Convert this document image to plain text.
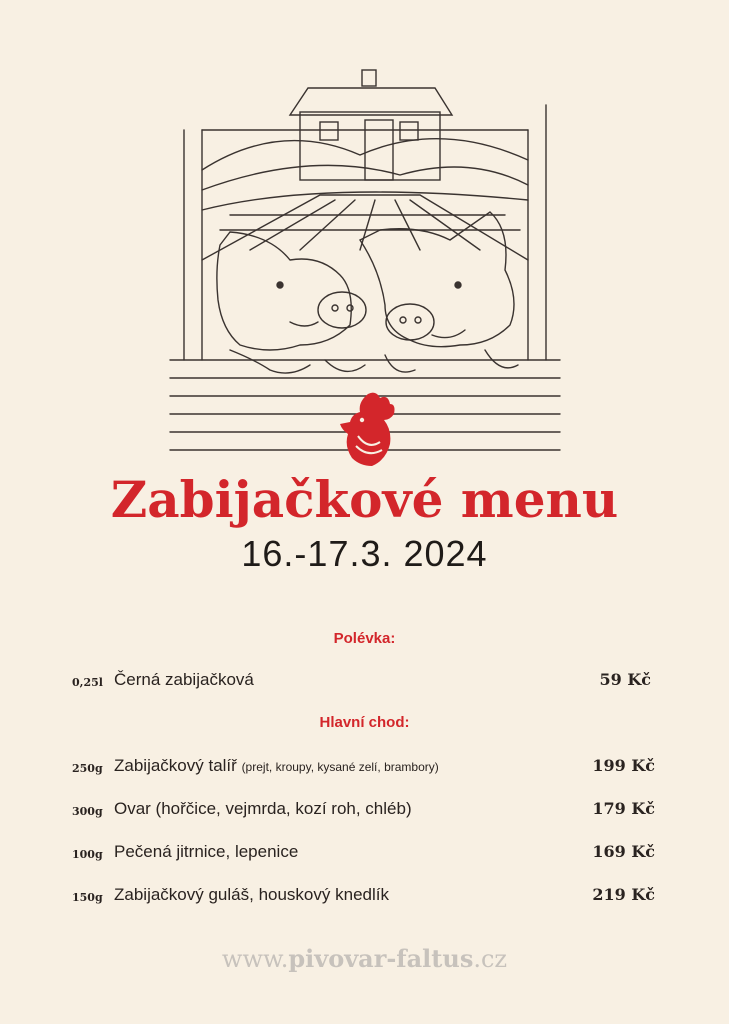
Zabijačkové menu
16.-17.3. 2024
Polévka:
0,25l Černá zabijačková	59 Kč
Hlavní chod:
250g Zabijačkový talíř (prejt, kroupy, kysané zelí, brambory)	199 Kč
300g Ovar (hořčice, vejmrda, kozí roh, chléb)	179 Kč
100g Pečená jitrnice, lepenice	169 Kč
150g Zabijačkový guláš, houskový knedlík	219 Kč
www.pivovar-faltus.cz
